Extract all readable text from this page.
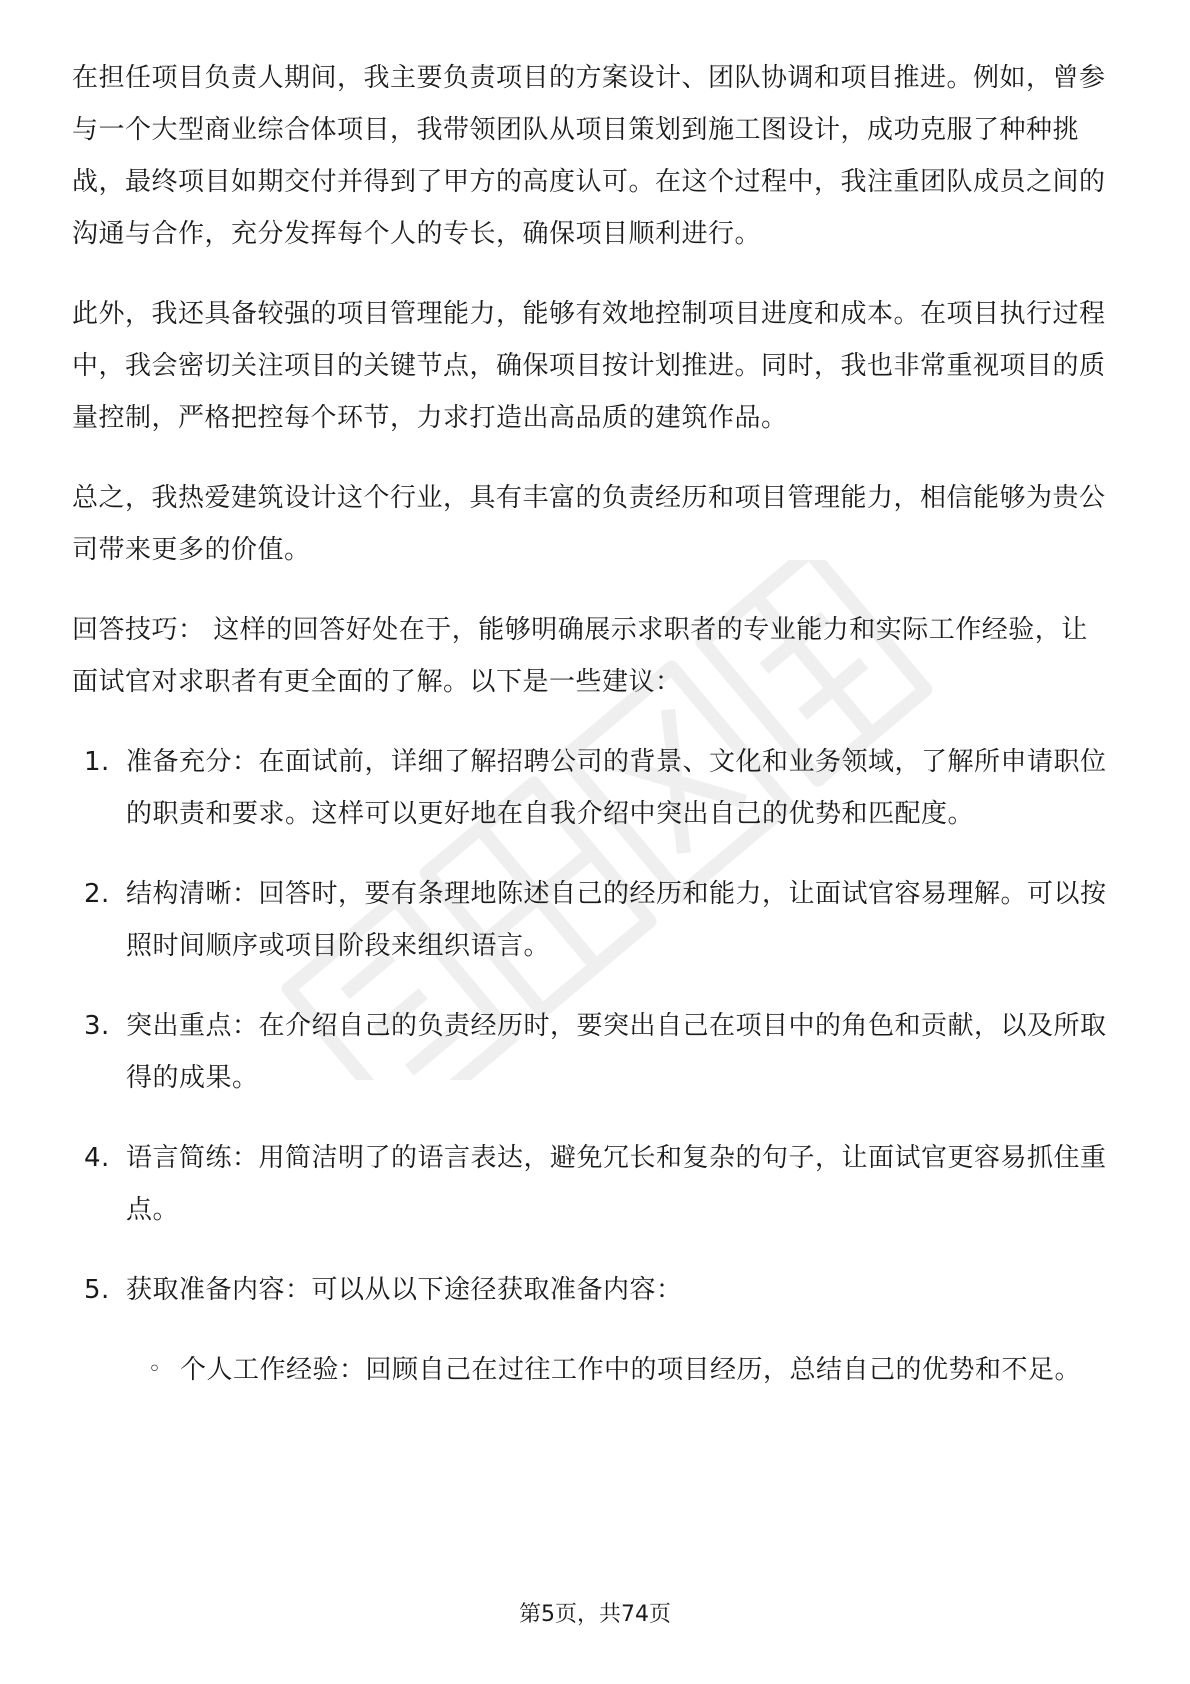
在担任项目负责人期间，我主要负责项目的方案设计、团队协调和项目推进。例如，曾参与一个大型商业综合体项目，我带领团队从项目策划到施工图设计，成功克服了种种挑战，最终项目如期交付并得到了甲方的高度认可。在这个过程中，我注重团队成员之间的沟通与合作，充分发挥每个人的专长，确保项目顺利进行。

此外，我还具备较强的项目管理能力，能够有效地控制项目进度和成本。在项目执行过程中，我会密切关注项目的关键节点，确保项目按计划推进。同时，我也非常重视项目的质量控制，严格把控每个环节，力求打造出高品质的建筑作品。

总之，我热爱建筑设计这个行业，具有丰富的负责经历和项目管理能力，相信能够为贵公司带来更多的价值。

回答技巧： 这样的回答好处在于，能够明确展示求职者的专业能力和实际工作经验，让面试官对求职者有更全面的了解。以下是一些建议：

1. 准备充分：在面试前，详细了解招聘公司的背景、文化和业务领域，了解所申请职位的职责和要求。这样可以更好地在自我介绍中突出自己的优势和匹配度。
2. 结构清晰：回答时，要有条理地陈述自己的经历和能力，让面试官容易理解。可以按照时间顺序或项目阶段来组织语言。
3. 突出重点：在介绍自己的负责经历时，要突出自己在项目中的角色和贡献，以及所取得的成果。
4. 语言简练：用简洁明了的语言表达，避免冗长和复杂的句子，让面试官更容易抓住重点。
5. 获取准备内容：可以从以下途径获取准备内容：
◦ 个人工作经验：回顾自己在过往工作中的项目经历，总结自己的优势和不足。
第5页，共74页
